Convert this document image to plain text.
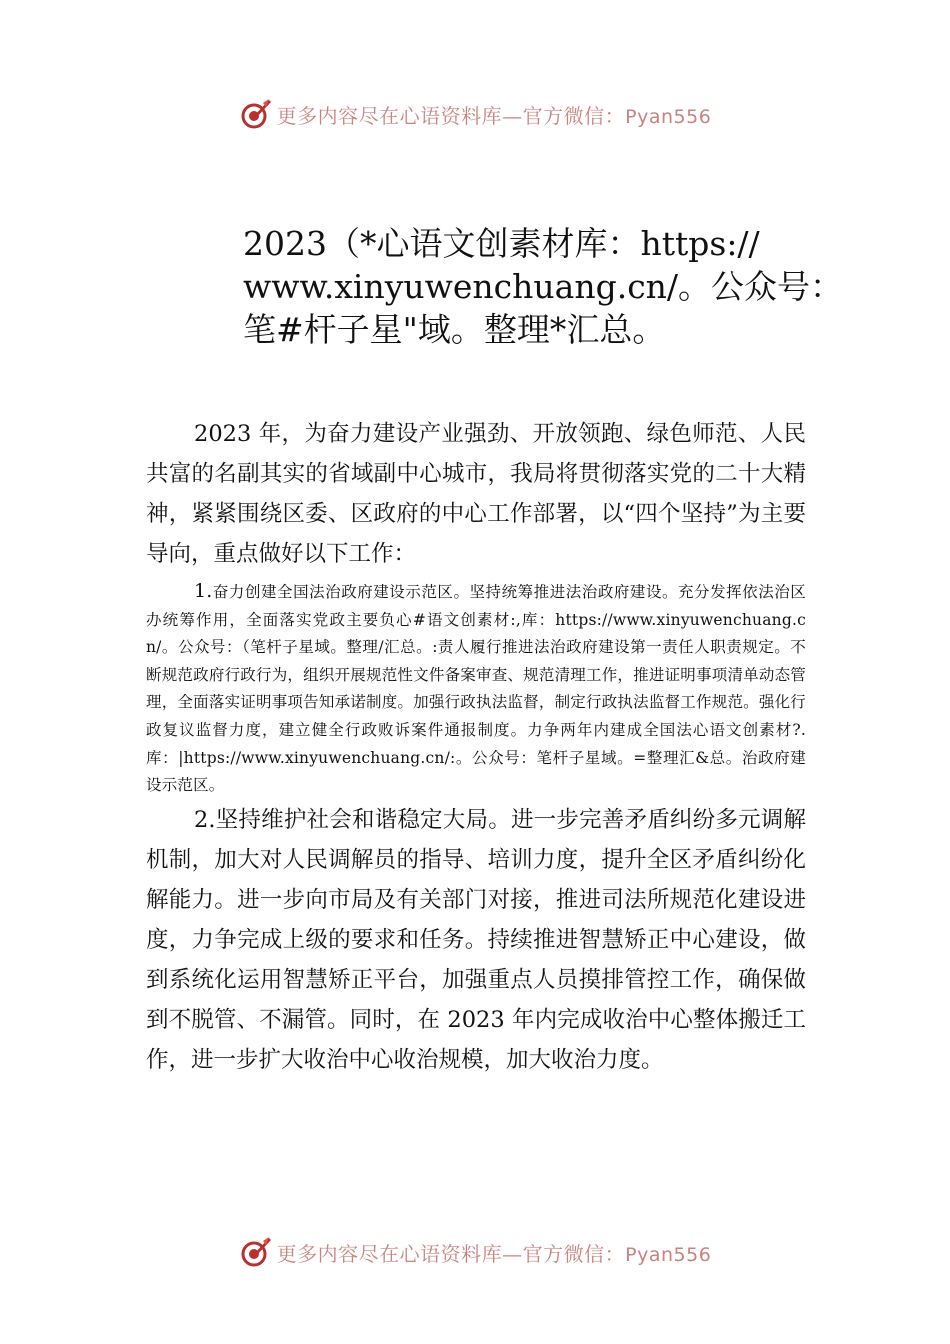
更多内容尽在心语资料库—官方微信：Pyan556
2023（*心语文创素材库：https://
www.xinyuwenchuang.cn/。公众号：
笔#杆子星"域。整理*汇总。

2023 年，为奋力建设产业强劲、开放领跑、绿色师范、人民共富的名副其实的省域副中心城市，我局将贯彻落实党的二十大精神，紧紧围绕区委、区政府的中心工作部署，以“四个坚持”为主要导向，重点做好以下工作：

1.奋力创建全国法治政府建设示范区。坚持统筹推进法治政府建设。充分发挥依法治区办统筹作用，全面落实党政主要负心#语文创素材:,库：https://www.xinyuwenchuang.cn/。公众号：（笔杆子星域。整理/汇总。:责人履行推进法治政府建设第一责任人职责规定。不断规范政府行政行为，组织开展规范性文件备案审查、规范清理工作，推进证明事项清单动态管理，全面落实证明事项告知承诺制度。加强行政执法监督，制定行政执法监督工作规范。强化行政复议监督力度，建立健全行政败诉案件通报制度。力争两年内建成全国法心语文创素材?.库：|https://www.xinyuwenchuang.cn/:。公众号：笔杆子星域。=整理汇&总。治政府建设示范区。

2.坚持维护社会和谐稳定大局。进一步完善矛盾纠纷多元调解机制，加大对人民调解员的指导、培训力度，提升全区矛盾纠纷化解能力。进一步向市局及有关部门对接，推进司法所规范化建设进度，力争完成上级的要求和任务。持续推进智慧矫正中心建设，做到系统化运用智慧矫正平台，加强重点人员摸排管控工作，确保做到不脱管、不漏管。同时，在 2023 年内完成收治中心整体搬迁工作，进一步扩大收治中心收治规模，加大收治力度。

更多内容尽在心语资料库—官方微信：Pyan556
